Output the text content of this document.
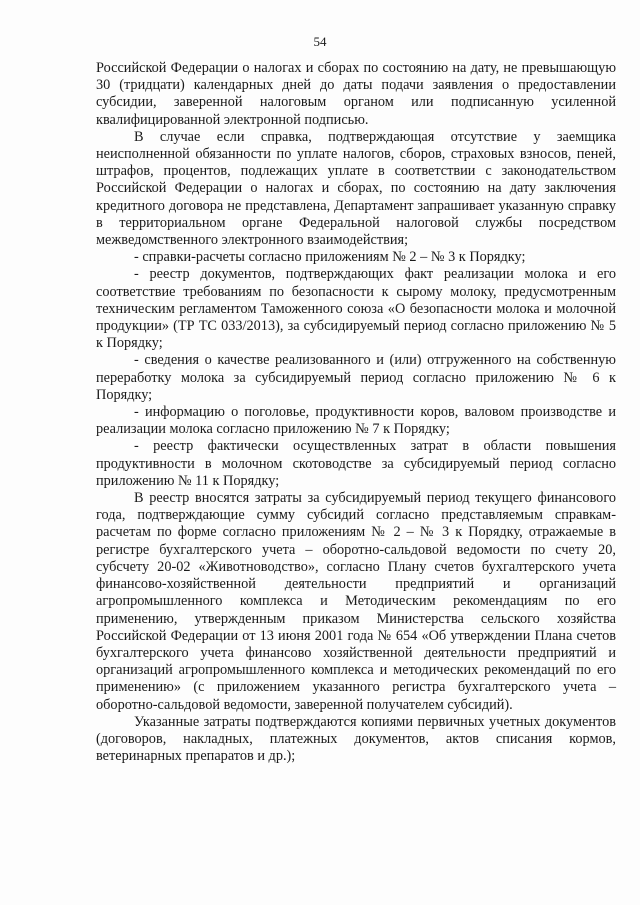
54

Российской Федерации о налогах и сборах по состоянию на дату, не превышающую 30 (тридцати) календарных дней до даты подачи заявления о предоставлении субсидии, заверенной налоговым органом или подписанную усиленной квалифицированной электронной подписью.

В случае если справка, подтверждающая отсутствие у заемщика неисполненной обязанности по уплате налогов, сборов, страховых взносов, пеней, штрафов, процентов, подлежащих уплате в соответствии с законодательством Российской Федерации о налогах и сборах, по состоянию на дату заключения кредитного договора не представлена, Департамент запрашивает указанную справку в территориальном органе Федеральной налоговой службы посредством межведомственного электронного взаимодействия;

- справки-расчеты согласно приложениям № 2 – № 3 к Порядку;

- реестр документов, подтверждающих факт реализации молока и его соответствие требованиям по безопасности к сырому молоку, предусмотренным техническим регламентом Таможенного союза «О безопасности молока и молочной продукции» (ТР ТС 033/2013), за субсидируемый период согласно приложению № 5 к Порядку;

- сведения о качестве реализованного и (или) отгруженного на собственную переработку молока за субсидируемый период согласно приложению № 6 к Порядку;

- информацию о поголовье, продуктивности коров, валовом производстве и реализации молока согласно приложению № 7 к Порядку;

- реестр фактически осуществленных затрат в области повышения продуктивности в молочном скотоводстве за субсидируемый период согласно приложению № 11 к Порядку;

В реестр вносятся затраты за субсидируемый период текущего финансового года, подтверждающие сумму субсидий согласно представляемым справкам-расчетам по форме согласно приложениям № 2 – № 3 к Порядку, отражаемые в регистре бухгалтерского учета – оборотно-сальдовой ведомости по счету 20, субсчету 20-02 «Животноводство», согласно Плану счетов бухгалтерского учета финансово-хозяйственной деятельности предприятий и организаций агропромышленного комплекса и Методическим рекомендациям по его применению, утвержденным приказом Министерства сельского хозяйства Российской Федерации от 13 июня 2001 года № 654 «Об утверждении Плана счетов бухгалтерского учета финансово хозяйственной деятельности предприятий и организаций агропромышленного комплекса и методических рекомендаций по его применению» (с приложением указанного регистра бухгалтерского учета – оборотно-сальдовой ведомости, заверенной получателем субсидий).

Указанные затраты подтверждаются копиями первичных учетных документов (договоров, накладных, платежных документов, актов списания кормов, ветеринарных препаратов и др.);
